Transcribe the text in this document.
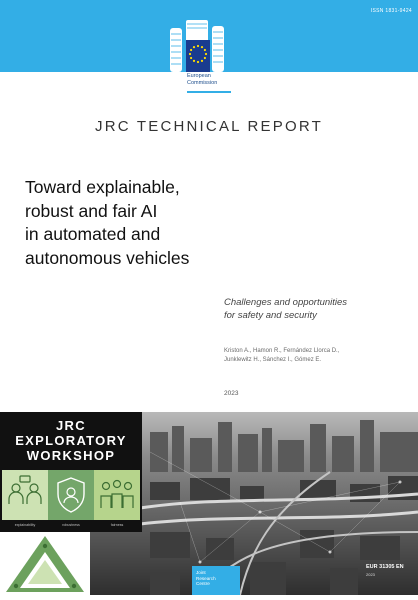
ISSN 1831-9424
European
Commission
JRC TECHNICAL REPORT
Toward explainable,
robust and fair AI
in automated and
autonomous vehicles
Challenges and opportunities
for safety and security
Kriston A., Hamon R., Fernández Llorca D.,
Junklewitz H., Sánchez I., Gómez E.
2023
JRC
EXPLORATORY
WORKSHOP
explainability	robustness	fairness
Joint
Research
Centre
EUR 31305 EN
2023
